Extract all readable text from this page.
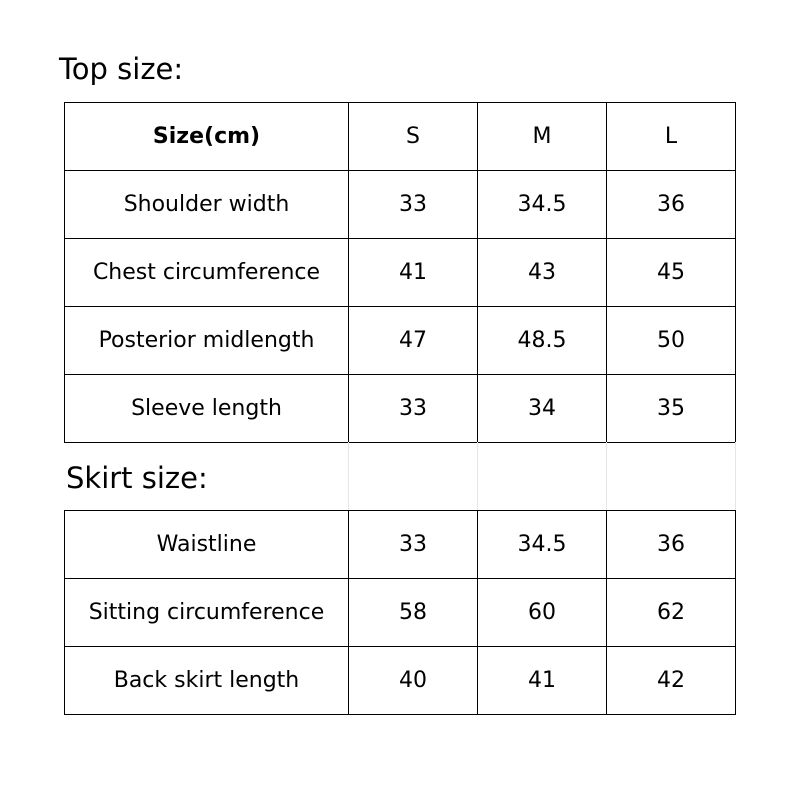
Top size:
Size(cm)	S	M	L
Shoulder width	33	34.5	36
Chest circumference	41	43	45
Posterior midlength	47	48.5	50
Sleeve length	33	34	35

Skirt size:
Waistline	33	34.5	36
Sitting circumference	58	60	62
Back skirt length	40	41	42
